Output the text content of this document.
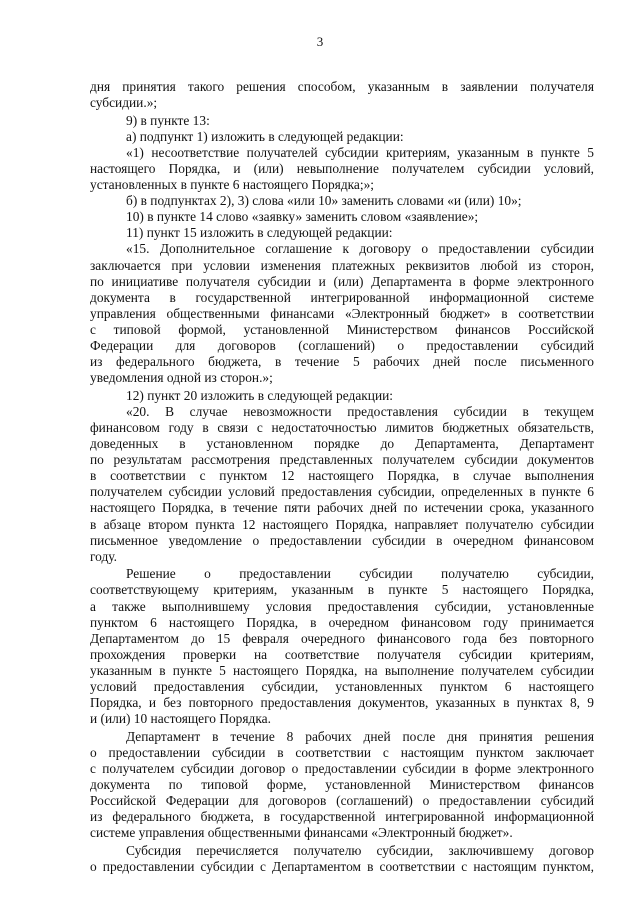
3
дня принятия такого решения способом, указанным в заявлении получателя
субсидии.»;
9) в пункте 13:
а) подпункт 1) изложить в следующей редакции:
«1) несоответствие получателей субсидии критериям, указанным в пункте 5
настоящего Порядка, и (или) невыполнение получателем субсидии условий,
установленных в пункте 6 настоящего Порядка;»;
б) в подпунктах 2), 3) слова «или 10» заменить словами «и (или) 10»;
10) в пункте 14 слово «заявку» заменить словом «заявление»;
11) пункт 15 изложить в следующей редакции:
«15. Дополнительное соглашение к договору о предоставлении субсидии
заключается при условии изменения платежных реквизитов любой из сторон,
по инициативе получателя субсидии и (или) Департамента в форме электронного
документа в государственной интегрированной информационной системе
управления общественными финансами «Электронный бюджет» в соответствии
с типовой формой, установленной Министерством финансов Российской
Федерации для договоров (соглашений) о предоставлении субсидий
из федерального бюджета, в течение 5 рабочих дней после письменного
уведомления одной из сторон.»;
12) пункт 20 изложить в следующей редакции:
«20. В случае невозможности предоставления субсидии в текущем
финансовом году в связи с недостаточностью лимитов бюджетных обязательств,
доведенных в установленном порядке до Департамента, Департамент
по результатам рассмотрения представленных получателем субсидии документов
в соответствии с пунктом 12 настоящего Порядка, в случае выполнения
получателем субсидии условий предоставления субсидии, определенных в пункте 6
настоящего Порядка, в течение пяти рабочих дней по истечении срока, указанного
в абзаце втором пункта 12 настоящего Порядка, направляет получателю субсидии
письменное уведомление о предоставлении субсидии в очередном финансовом
году.
Решение о предоставлении субсидии получателю субсидии,
соответствующему критериям, указанным в пункте 5 настоящего Порядка,
а также выполнившему условия предоставления субсидии, установленные
пунктом 6 настоящего Порядка, в очередном финансовом году принимается
Департаментом до 15 февраля очередного финансового года без повторного
прохождения проверки на соответствие получателя субсидии критериям,
указанным в пункте 5 настоящего Порядка, на выполнение получателем субсидии
условий предоставления субсидии, установленных пунктом 6 настоящего
Порядка, и без повторного предоставления документов, указанных в пунктах 8, 9
и (или) 10 настоящего Порядка.
Департамент в течение 8 рабочих дней после дня принятия решения
о предоставлении субсидии в соответствии с настоящим пунктом заключает
с получателем субсидии договор о предоставлении субсидии в форме электронного
документа по типовой форме, установленной Министерством финансов
Российской Федерации для договоров (соглашений) о предоставлении субсидий
из федерального бюджета, в государственной интегрированной информационной
системе управления общественными финансами «Электронный бюджет».
Субсидия перечисляется получателю субсидии, заключившему договор
о предоставлении субсидии с Департаментом в соответствии с настоящим пунктом,
